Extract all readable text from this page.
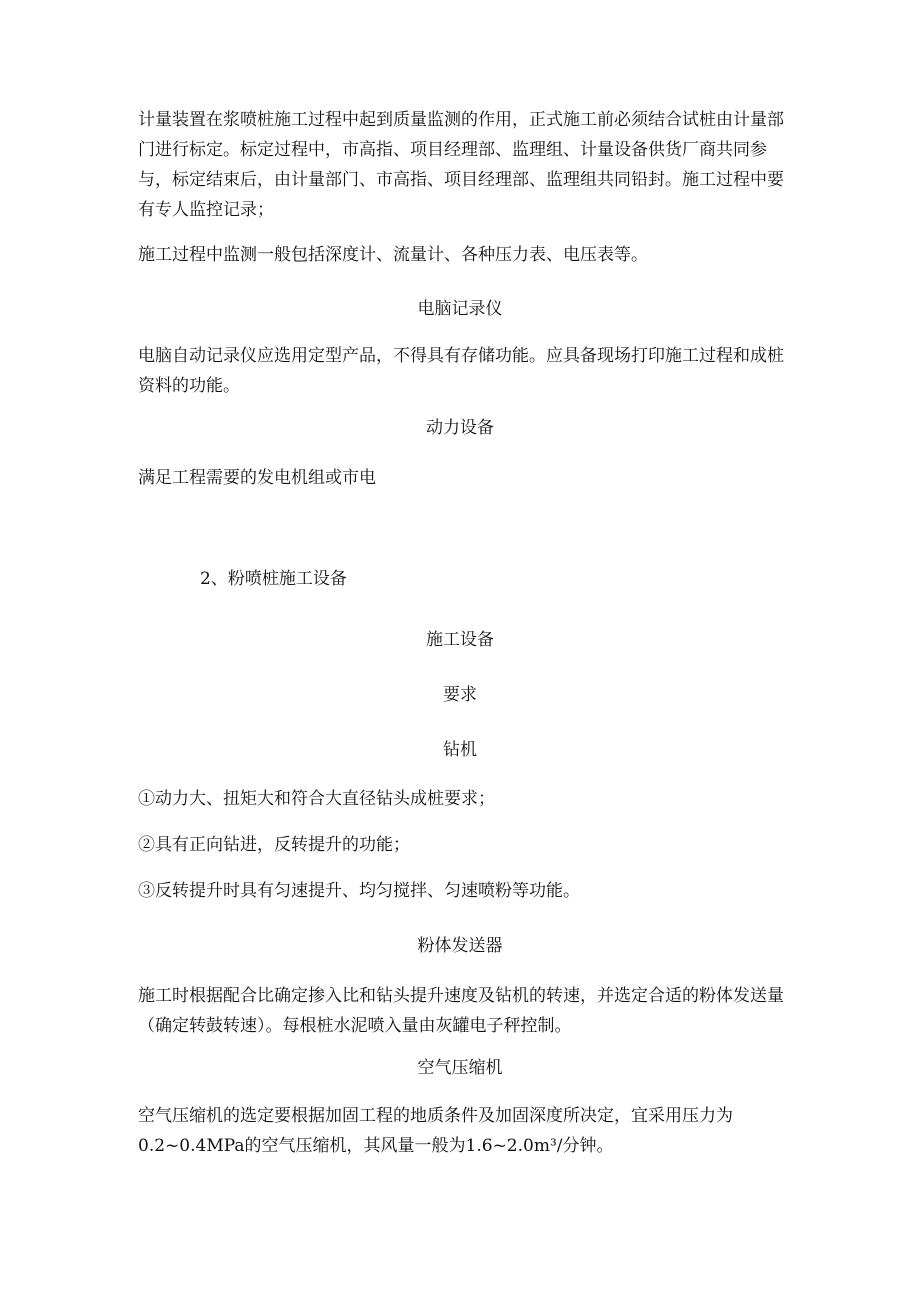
计量装置在浆喷桩施工过程中起到质量监测的作用，正式施工前必须结合试桩由计量部门进行标定。标定过程中，市高指、项目经理部、监理组、计量设备供货厂商共同参与，标定结束后，由计量部门、市高指、项目经理部、监理组共同铅封。施工过程中要有专人监控记录；

施工过程中监测一般包括深度计、流量计、各种压力表、电压表等。

电脑记录仪

电脑自动记录仪应选用定型产品，不得具有存储功能。应具备现场打印施工过程和成桩资料的功能。

动力设备

满足工程需要的发电机组或市电

2、粉喷桩施工设备

施工设备

要求

钻机

①动力大、扭矩大和符合大直径钻头成桩要求；

②具有正向钻进，反转提升的功能；

③反转提升时具有匀速提升、均匀搅拌、匀速喷粉等功能。

粉体发送器

施工时根据配合比确定掺入比和钻头提升速度及钻机的转速，并选定合适的粉体发送量（确定转鼓转速）。每根桩水泥喷入量由灰罐电子秤控制。

空气压缩机

空气压缩机的选定要根据加固工程的地质条件及加固深度所决定，宜采用压力为0.2~0.4MPa的空气压缩机，其风量一般为1.6~2.0m³/分钟。
